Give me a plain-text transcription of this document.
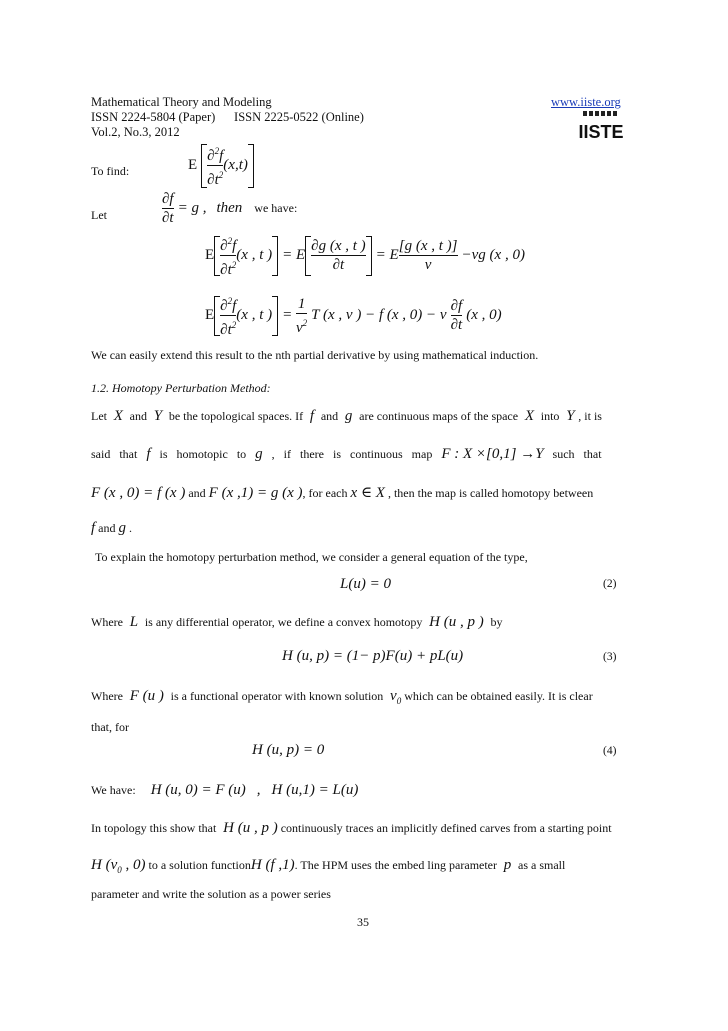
Mathematical Theory and Modeling
ISSN 2224-5804 (Paper)      ISSN 2225-0522 (Online)
Vol.2, No.3, 2012
www.iiste.org
IISTE
To find:	E $\frac{\partial^2f}{\partial t^2} (x,t)$
Let	$\frac{\partial f}{\partial t} = g$ , then we have:
E $\frac{\partial^2f}{\partial t^2} (x$ , t ) = E $\frac{\partial g (x , t )}{\partial t} = E \frac{[g (x , t )]}{v} -vg$ (x , 0)
E $\frac{\partial^2f}{\partial t^2} (x$ , t ) = $\frac{1}{v^2}$ T (x , v ) − f (x , 0) − v $\frac{\partial f}{\partial t} (x$ , 0)
We can easily extend this result to the nth partial derivative by using mathematical induction.
1.2. Homotopy Perturbation Method:
Let  X  and  Y  be the topological spaces. If  f  and  g  are continuous maps of the space  X  into  Y , it is
said   that f is   homotopic   to g ,   if   there   is   continuous   map F : X ×[0,1] →Y such   that
F (x , 0) = f (x ) and F (x ,1) = g (x ), for each x ∈ X , then the map is called homotopy between
f and g .
To explain the homotopy perturbation method, we consider a general equation of the type,
L(u) = 0	(2)
Where  L  is any differential operator, we define a convex homotopy H (u , p )  by
H (u, p) = (1− p)F(u) + pL(u)	(3)
Where F (u )  is a functional operator with known solution $v_0$ which can be obtained easily. It is clear
that, for
H (u, p) = 0	(4)
We have: H (u, 0) = F (u) , H (u,1) = L(u)
In topology this show that H (u , p ) continuously traces an implicitly defined carves from a starting point
H ($v_0$ , 0) to a solution functionH (f ,1). The HPM uses the embed ling parameter  p  as a small
parameter and write the solution as a power series
35
